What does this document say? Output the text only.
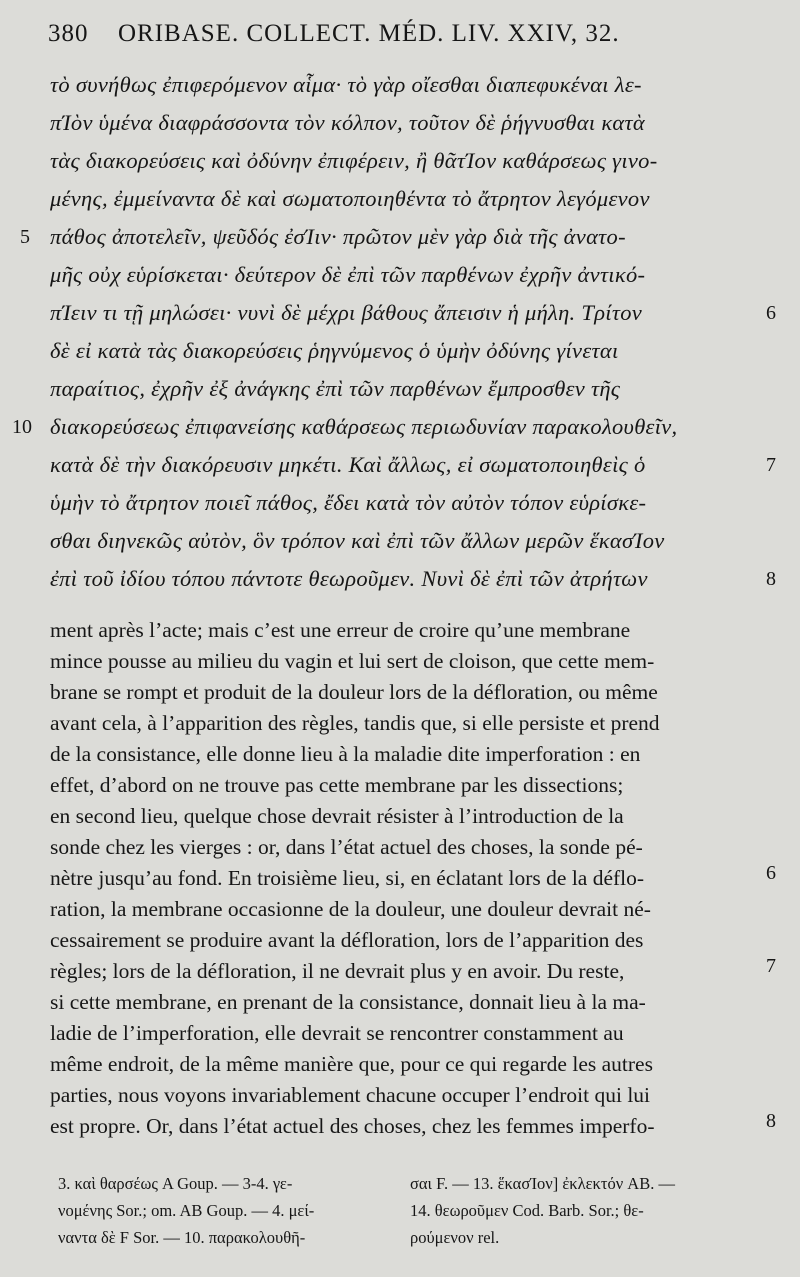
380 ORIBASE. COLLECT. MÉD. LIV. XXIV, 32.
τὸ συνήθως ἐπιφερόμενον αἷμα· τὸ γὰρ οἴεσθαι διαπεφυκέναι λε-
πΊὸν ὑμένα διαφράσσοντα τὸν κόλπον, τοῦτον δὲ ῥήγνυσθαι κατὰ
τὰς διακορεύσεις καὶ ὀδύνην ἐπιφέρειν, ἢ θᾶτΊον καθάρσεως γινο-
μένης, ἐμμείναντα δὲ καὶ σωματοποιηθέντα τὸ ἄτρητον λεγόμενον
πάθος ἀποτελεῖν, ψεῦδός ἐσΊιν· πρῶτον μὲν γὰρ διὰ τῆς ἀνατο-
μῆς οὐχ εὑρίσκεται· δεύτερον δὲ ἐπὶ τῶν παρθένων ἐχρῆν ἀντικό-
πΊειν τι τῇ μηλώσει· νυνὶ δὲ μέχρι βάθους ἄπεισιν ἡ μήλη. Τρίτον
δὲ εἰ κατὰ τὰς διακορεύσεις ῥηγνύμενος ὁ ὑμὴν ὀδύνης γίνεται
παραίτιος, ἐχρῆν ἐξ ἀνάγκης ἐπὶ τῶν παρθένων ἔμπροσθεν τῆς
διακορεύσεως ἐπιφανείσης καθάρσεως περιωδυνίαν παρακολουθεῖν,
κατὰ δὲ τὴν διακόρευσιν μηκέτι. Καὶ ἄλλως, εἰ σωματοποιηθεὶς ὁ
ὑμὴν τὸ ἄτρητον ποιεῖ πάθος, ἔδει κατὰ τὸν αὐτὸν τόπον εὑρίσκε-
σθαι διηνεκῶς αὐτὸν, ὃν τρόπον καὶ ἐπὶ τῶν ἄλλων μερῶν ἕκασΊον
ἐπὶ τοῦ ἰδίου τόπου πάντοτε θεωροῦμεν. Νυνὶ δὲ ἐπὶ τῶν ἀτρήτων
5
10
6
7
8
ment après l’acte; mais c’est une erreur de croire qu’une membrane
mince pousse au milieu du vagin et lui sert de cloison, que cette mem-
brane se rompt et produit de la douleur lors de la défloration, ou même
avant cela, à l’apparition des règles, tandis que, si elle persiste et prend
de la consistance, elle donne lieu à la maladie dite imperforation : en
effet, d’abord on ne trouve pas cette membrane par les dissections;
en second lieu, quelque chose devrait résister à l’introduction de la
sonde chez les vierges : or, dans l’état actuel des choses, la sonde pé-
nètre jusqu’au fond. En troisième lieu, si, en éclatant lors de la déflo-
ration, la membrane occasionne de la douleur, une douleur devrait né-
cessairement se produire avant la défloration, lors de l’apparition des
règles; lors de la défloration, il ne devrait plus y en avoir. Du reste,
si cette membrane, en prenant de la consistance, donnait lieu à la ma-
ladie de l’imperforation, elle devrait se rencontrer constamment au
même endroit, de la même manière que, pour ce qui regarde les autres
parties, nous voyons invariablement chacune occuper l’endroit qui lui
est propre. Or, dans l’état actuel des choses, chez les femmes imperfo-
6
7
8
3. καὶ θαρσέως A Goup. — 3-4. γε-
νομένης Sor.; om. AB Goup. — 4. μεί-
ναντα δὲ F Sor. — 10. παρακολουθῆ-
σαι F. — 13. ἕκασΊον] ἐκλεκτόν AB. —
14. θεωροῦμεν Cod. Barb. Sor.; θε-
ρούμενον rel.
